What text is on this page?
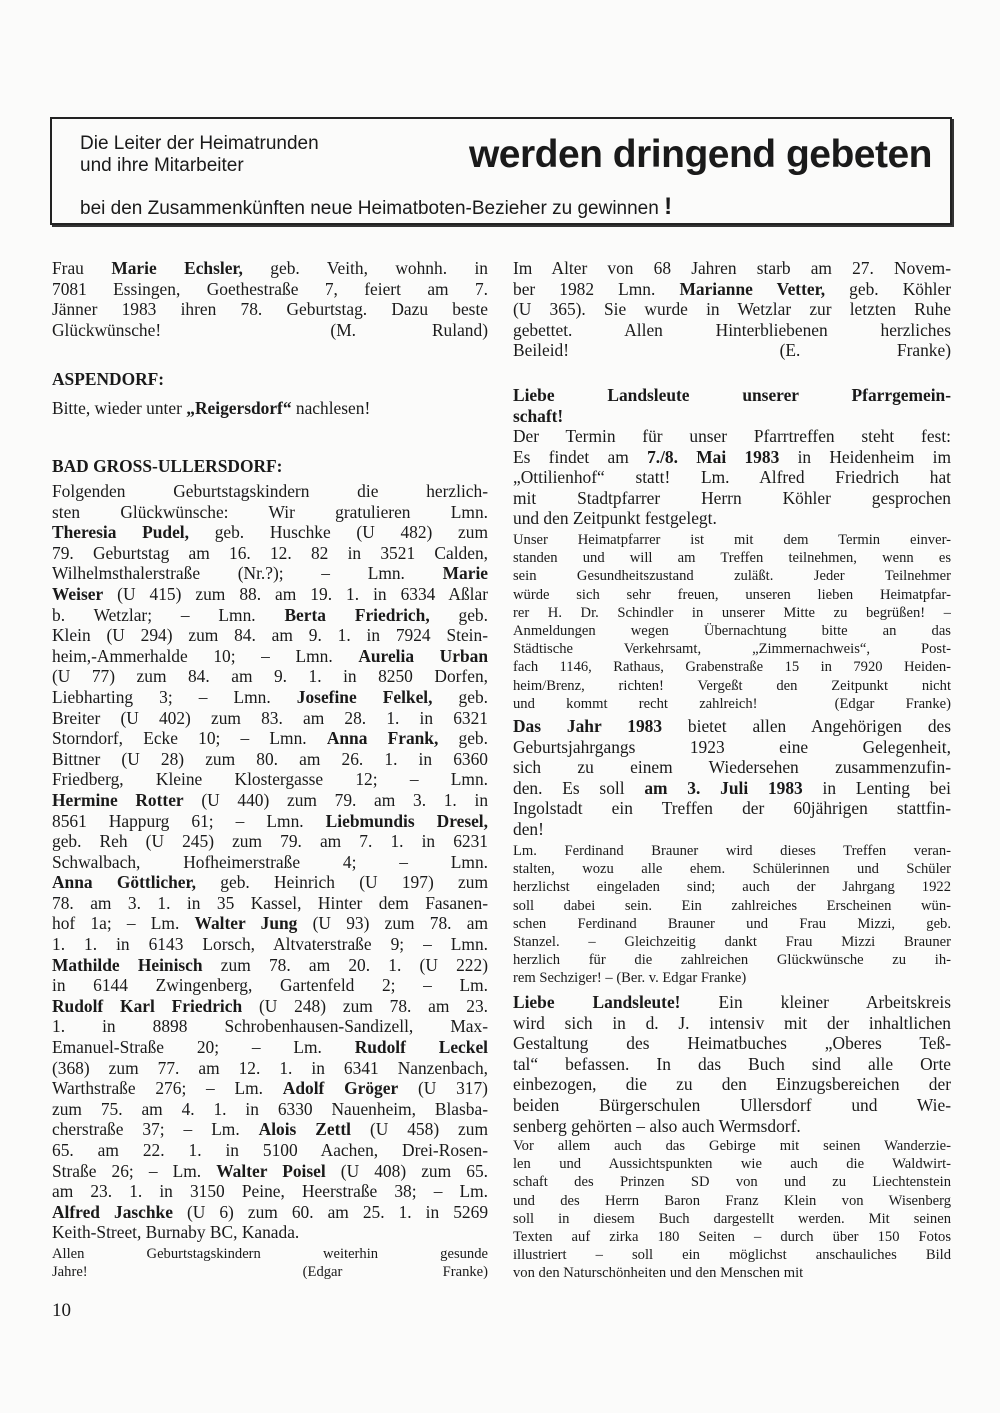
Die Leiter der Heimatrunden
und ihre Mitarbeiter	werden dringend gebeten
bei den Zusammenkünften neue Heimatboten-Bezieher zu gewinnen !
Frau Marie Echsler, geb. Veith, wohnh. in
7081 Essingen, Goethestraße 7, feiert am 7.
Jänner 1983 ihren 78. Geburtstag. Dazu beste
Glückwünsche!   (M. Ruland)
ASPENDORF:
Bitte, wieder unter „Reigersdorf“ nachlesen!
BAD GROSS-ULLERSDORF:
Folgenden Geburtstagskindern die herzlich-
sten Glückwünsche: Wir gratulieren Lmn.
Theresia Pudel, geb. Huschke (U 482) zum
79. Geburtstag am 16. 12. 82 in 3521 Calden,
Wilhelmsthalerstraße (Nr.?); – Lmn. Marie
Weiser (U 415) zum 88. am 19. 1. in 6334 Aßlar
b. Wetzlar; – Lmn. Berta Friedrich, geb.
Klein (U 294) zum 84. am 9. 1. in 7924 Stein-
heim,-Ammerhalde 10; – Lmn. Aurelia Urban
(U 77) zum 84. am 9. 1. in 8250 Dorfen,
Liebharting 3; – Lmn. Josefine Felkel, geb.
Breiter (U 402) zum 83. am 28. 1. in 6321
Storndorf, Ecke 10; – Lmn. Anna Frank, geb.
Bittner (U 28) zum 80. am 26. 1. in 6360
Friedberg, Kleine Klostergasse 12; – Lmn.
Hermine Rotter (U 440) zum 79. am 3. 1. in
8561 Happurg 61; – Lmn. Liebmundis Dresel,
geb. Reh (U 245) zum 79. am 7. 1. in 6231
Schwalbach, Hofheimerstraße 4; – Lmn.
Anna Göttlicher, geb. Heinrich (U 197) zum
78. am 3. 1. in 35 Kassel, Hinter dem Fasanen-
hof 1a; – Lm. Walter Jung (U 93) zum 78. am
1. 1. in 6143 Lorsch, Altvaterstraße 9; – Lmn.
Mathilde Heinisch zum 78. am 20. 1. (U 222)
in 6144 Zwingenberg, Gartenfeld 2; – Lm.
Rudolf Karl Friedrich (U 248) zum 78. am 23.
1. in 8898 Schrobenhausen-Sandizell, Max-
Emanuel-Straße 20; – Lm. Rudolf Leckel
(368) zum 77. am 12. 1. in 6341 Nanzenbach,
Warthstraße 276; – Lm. Adolf Gröger (U 317)
zum 75. am 4. 1. in 6330 Nauenheim, Blasba-
cherstraße 37; – Lm. Alois Zettl (U 458) zum
65. am 22. 1. in 5100 Aachen, Drei-Rosen-
Straße 26; – Lm. Walter Poisel (U 408) zum 65.
am 23. 1. in 3150 Peine, Heerstraße 38; – Lm.
Alfred Jaschke (U 6) zum 60. am 25. 1. in 5269
Keith-Street, Burnaby BC, Kanada.
Allen Geburtstagskindern weiterhin gesunde
Jahre!   (Edgar Franke)
10
Im Alter von 68 Jahren starb am 27. Novem-
ber 1982 Lmn. Marianne Vetter, geb. Köhler
(U 365). Sie wurde in Wetzlar zur letzten Ruhe
gebettet. Allen Hinterbliebenen herzliches
Beileid!   (E. Franke)
Liebe Landsleute unserer Pfarrgemein-
schaft!
Der Termin für unser Pfarrtreffen steht fest:
Es findet am 7./8. Mai 1983 in Heidenheim im
„Ottilienhof“ statt! Lm. Alfred Friedrich hat
mit Stadtpfarrer Herrn Köhler gesprochen
und den Zeitpunkt festgelegt.
Unser Heimatpfarrer ist mit dem Termin einver-
standen und will am Treffen teilnehmen, wenn es
sein Gesundheitszustand zuläßt. Jeder Teilnehmer
würde sich sehr freuen, unseren lieben Heimatpfar-
rer H. Dr. Schindler in unserer Mitte zu begrüßen! –
Anmeldungen wegen Übernachtung bitte an das
Städtische Verkehrsamt, „Zimmernachweis“, Post-
fach 1146, Rathaus, Grabenstraße 15 in 7920 Heiden-
heim/Brenz, richten! Vergeßt den Zeitpunkt nicht
und kommt recht zahlreich!   (Edgar Franke)
Das Jahr 1983 bietet allen Angehörigen des
Geburtsjahrgangs 1923 eine Gelegenheit,
sich zu einem Wiedersehen zusammenzufin-
den. Es soll am 3. Juli 1983 in Lenting bei
Ingolstadt ein Treffen der 60jährigen stattfin-
den!
Lm. Ferdinand Brauner wird dieses Treffen veran-
stalten, wozu alle ehem. Schülerinnen und Schüler
herzlichst eingeladen sind; auch der Jahrgang 1922
soll dabei sein. Ein zahlreiches Erscheinen wün-
schen Ferdinand Brauner und Frau Mizzi, geb.
Stanzel. – Gleichzeitig dankt Frau Mizzi Brauner
herzlich für die zahlreichen Glückwünsche zu ih-
rem Sechziger! – (Ber. v. Edgar Franke)
Liebe Landsleute! Ein kleiner Arbeitskreis
wird sich in d. J. intensiv mit der inhaltlichen
Gestaltung des Heimatbuches „Oberes Teß-
tal“ befassen. In das Buch sind alle Orte
einbezogen, die zu den Einzugsbereichen der
beiden Bürgerschulen Ullersdorf und Wie-
senberg gehörten – also auch Wermsdorf.
Vor allem auch das Gebirge mit seinen Wanderzie-
len und Aussichtspunkten wie auch die Waldwirt-
schaft des Prinzen SD von und zu Liechtenstein
und des Herrn Baron Franz Klein von Wisenberg
soll in diesem Buch dargestellt werden. Mit seinen
Texten auf zirka 180 Seiten – durch über 150 Fotos
illustriert – soll ein möglichst anschauliches Bild
von den Naturschönheiten und den Menschen mit
